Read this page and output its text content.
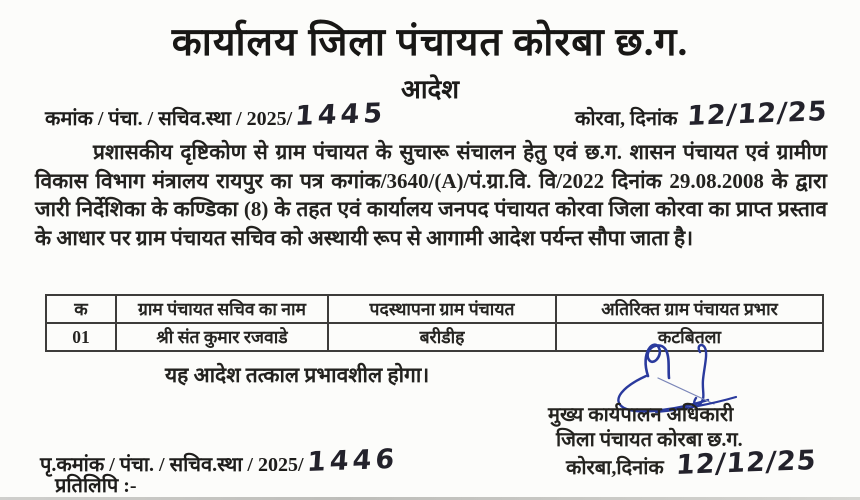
कार्यालय जिला पंचायत कोरबा छ.ग.
आदेश
कमांक / पंचा. / सचिव.स्था / 2025/1445	कोरवा, दिनांक 12/12/25
प्रशासकीय दृष्टिकोण से ग्राम पंचायत के सुचारू संचालन हेतु एवं छ.ग. शासन पंचायत एवं ग्रामीण विकास विभाग मंत्रालय रायपुर का पत्र कगांक/3640/(A)/पं.ग्रा.वि. वि/2022 दिनांक 29.08.2008 के द्वारा जारी निर्देशिका के कण्डिका (8) के तहत एवं कार्यालय जनपद पंचायत कोरवा जिला कोरवा का प्राप्त प्रस्ताव के आधार पर ग्राम पंचायत सचिव को अस्थायी रूप से आगामी आदेश पर्यन्त सौपा जाता है।
क	ग्राम पंचायत सचिव का नाम	पदस्थापना ग्राम पंचायत	अतिरिक्त ग्राम पंचायत प्रभार
01	श्री संत कुमार रजवाडे	बरीडीह	कटबितला
यह आदेश तत्काल प्रभावशील होगा।
मुख्य कार्यपालन अधिकारी
जिला पंचायत कोरबा छ.ग.
कोरबा,दिनांक 12/12/25
पृ.कमांक / पंचा. / सचिव.स्था / 2025/1446
प्रतिलिपि :-
